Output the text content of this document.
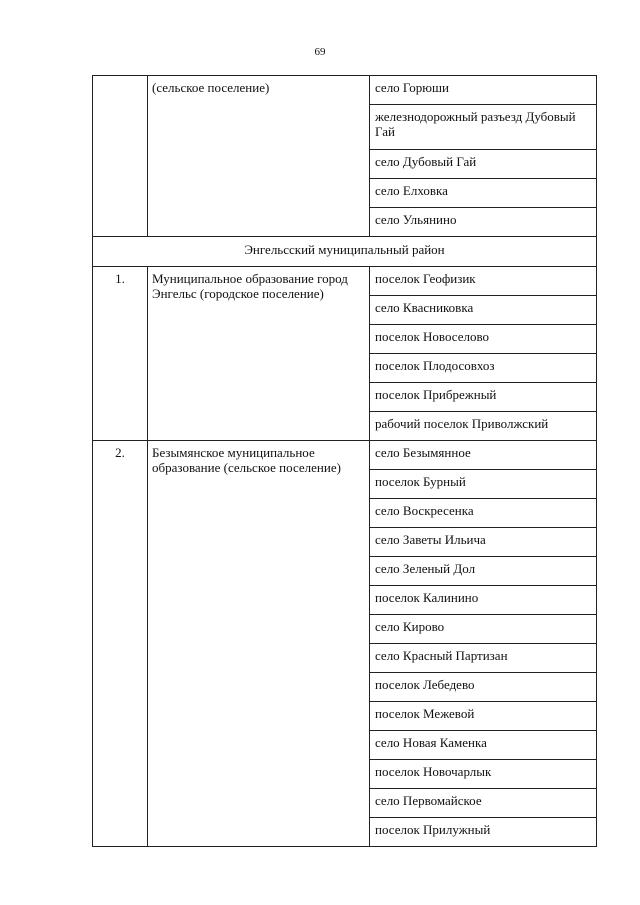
69
	(сельское поселение)	село Горюши
		железнодорожный разъезд Дубовый Гай
		село Дубовый Гай
		село Елховка
		село Ульянино
Энгельсский муниципальный район		
1.	Муниципальное образование город Энгельс (городское поселение)	поселок Геофизик
		село Квасниковка
		поселок Новоселово
		поселок Плодосовхоз
		поселок Прибрежный
		рабочий поселок Приволжский
2.	Безымянское муниципальное образование (сельское поселение)	село Безымянное
		поселок Бурный
		село Воскресенка
		село Заветы Ильича
		село Зеленый Дол
		поселок Калинино
		село Кирово
		село Красный Партизан
		поселок Лебедево
		поселок Межевой
		село Новая Каменка
		поселок Новочарлык
		село Первомайское
		поселок Прилужный
